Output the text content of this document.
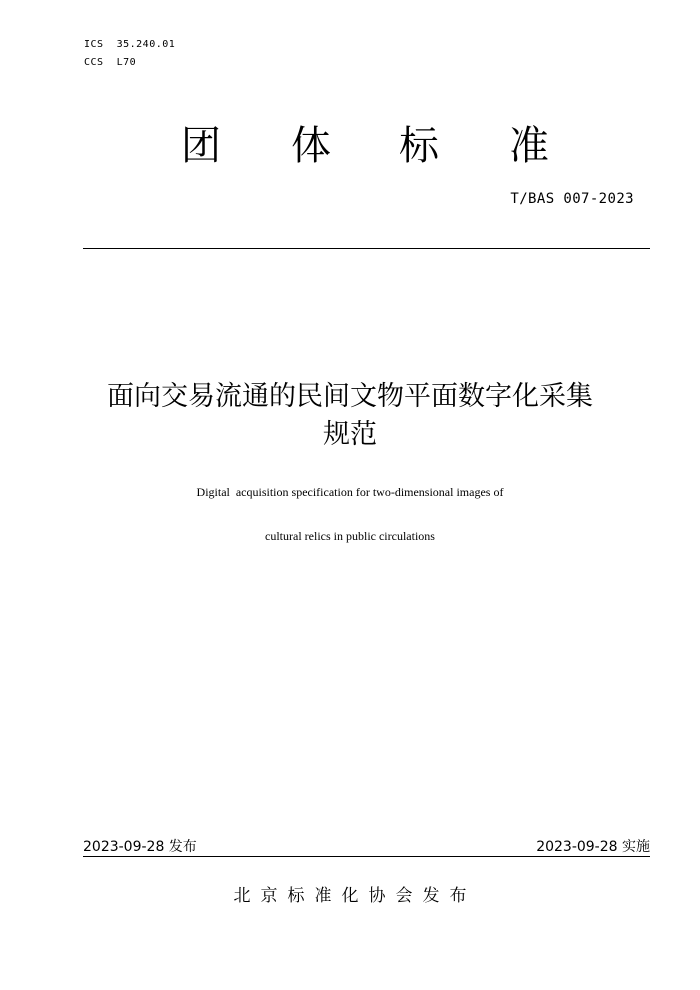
ICS  35.240.01
CCS  L70
团 体 标 准
T/BAS 007-2023
面向交易流通的民间文物平面数字化采集
规范
Digital  acquisition specification for two-dimensional images of
cultural relics in public circulations
2023-09-28 发布	2023-09-28 实施
北京标准化协会发布
